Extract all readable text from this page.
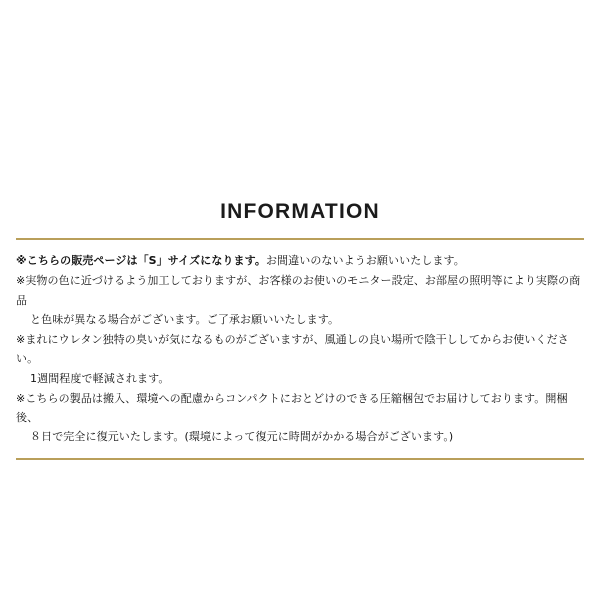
INFORMATION
※こちらの販売ページは「S」サイズになります。お間違いのないようお願いいたします。
※実物の色に近づけるよう加工しておりますが、お客様のお使いのモニター設定、お部屋の照明等により実際の商品
と色味が異なる場合がございます。ご了承お願いいたします。
※まれにウレタン独特の臭いが気になるものがございますが、風通しの良い場所で陰干ししてからお使いください。
1週間程度で軽減されます。
※こちらの製品は搬入、環境への配慮からコンパクトにおとどけのできる圧縮梱包でお届けしております。開梱後、
８日で完全に復元いたします。(環境によって復元に時間がかかる場合がございます。)
